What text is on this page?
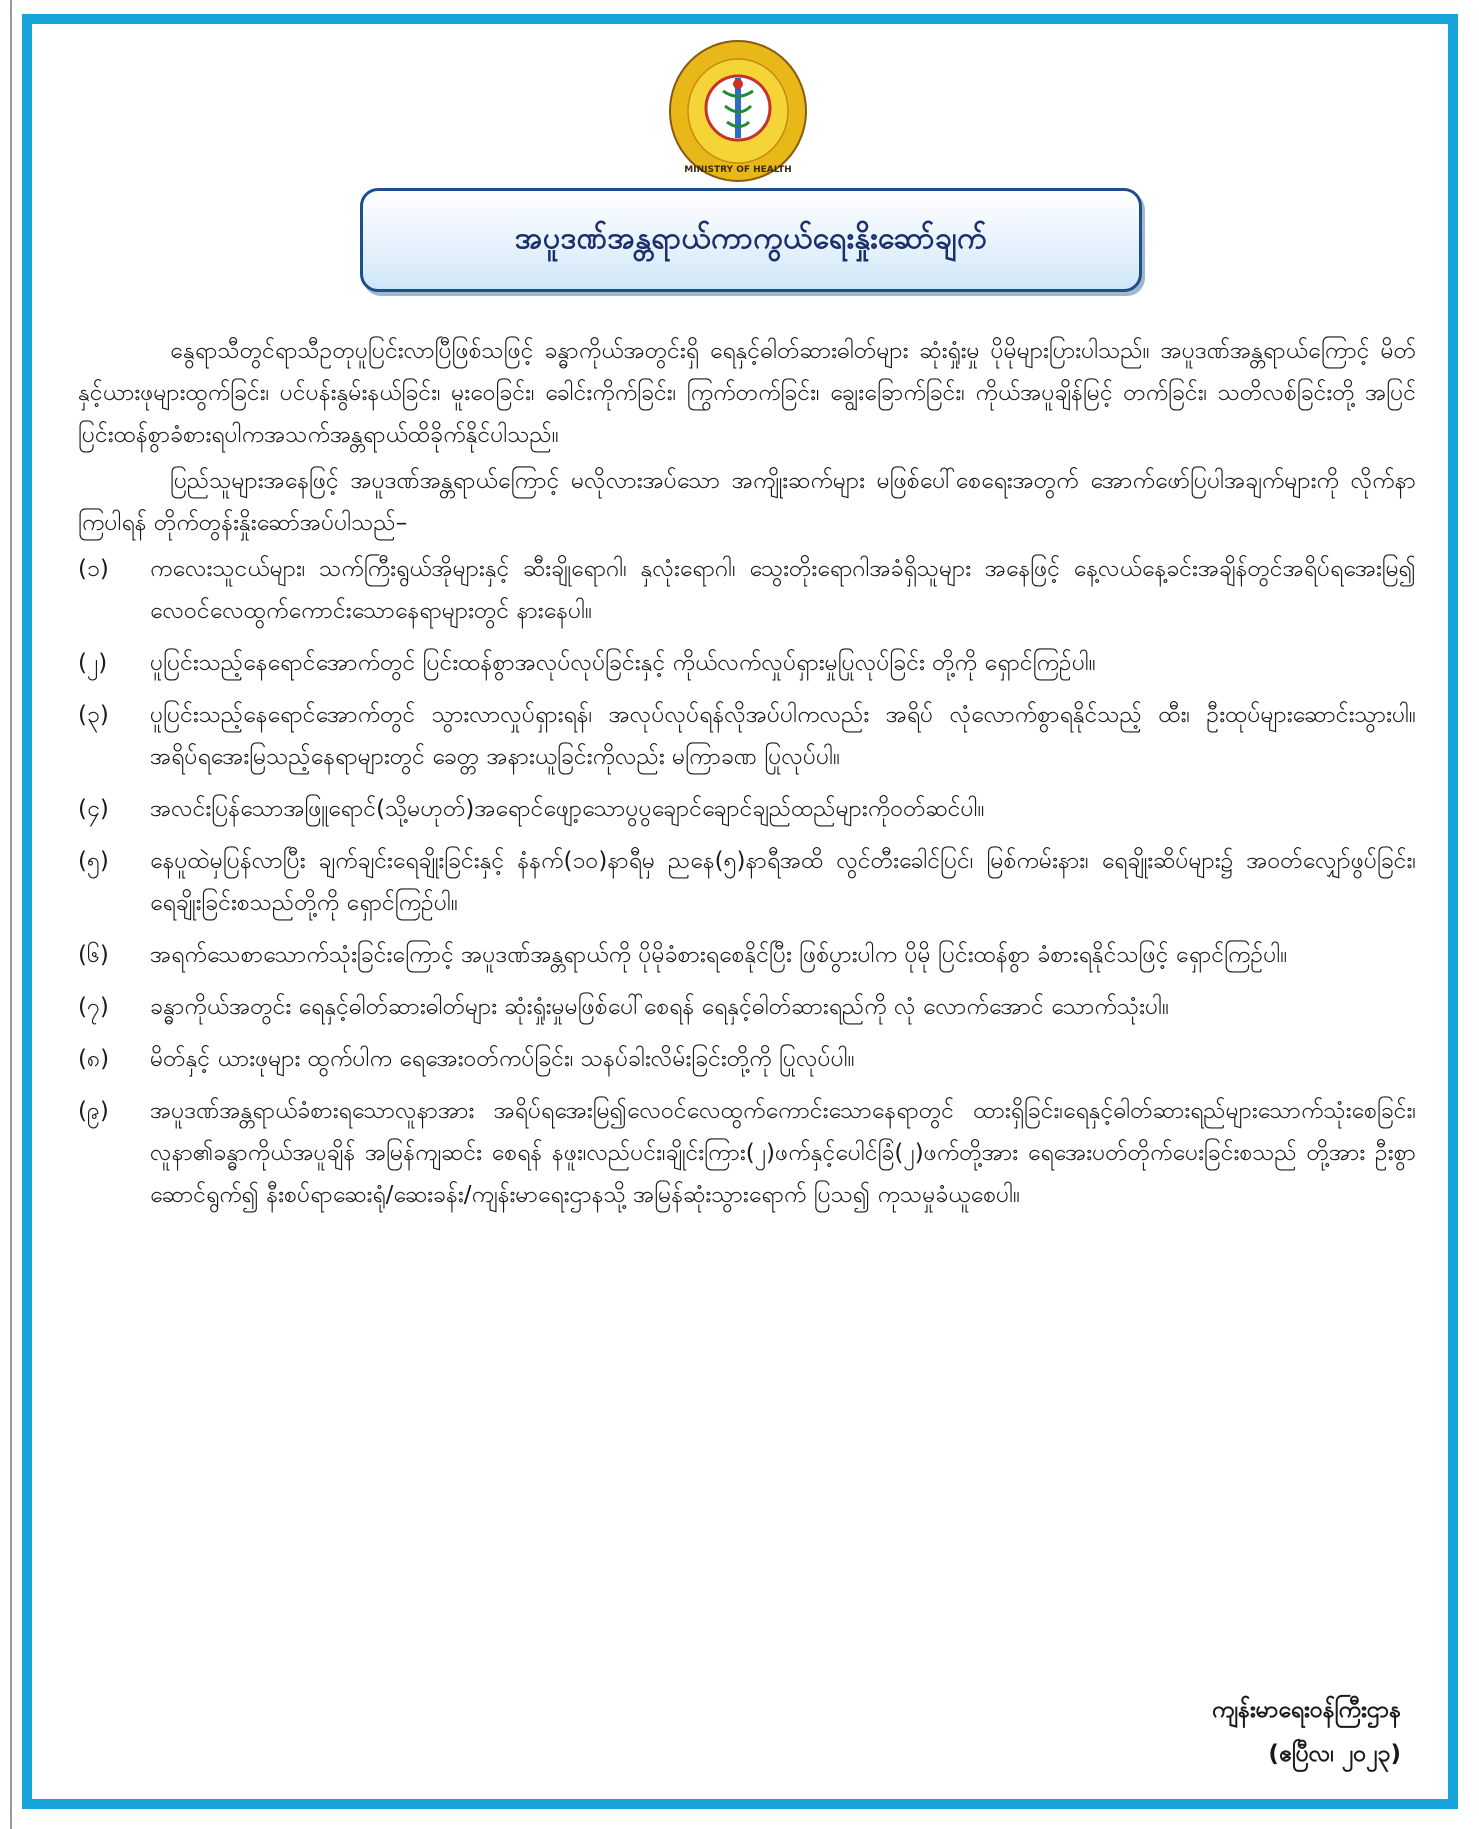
MINISTRY OF HEALTH
အပူဒဏ်အန္တရာယ်ကာကွယ်ရေးနှိုးဆော်ချက်

နွေရာသီတွင်ရာသီဥတုပူပြင်းလာပြီဖြစ်သဖြင့် ခန္ဓာကိုယ်အတွင်းရှိ ရေနှင့်ဓါတ်ဆားဓါတ်များ ဆုံးရှုံးမှု ပိုမိုများပြားပါသည်။ အပူဒဏ်အန္တရာယ်ကြောင့် မိတ်နှင့်ယားဖုများထွက်ခြင်း၊ ပင်ပန်းနွမ်းနယ်ခြင်း၊ မူးဝေခြင်း၊ ခေါင်းကိုက်ခြင်း၊ ကြွက်တက်ခြင်း၊ ချွေးခြောက်ခြင်း၊ ကိုယ်အပူချိန်မြင့် တက်ခြင်း၊ သတိလစ်ခြင်းတို့ အပြင် ပြင်းထန်စွာခံစားရပါကအသက်အန္တရာယ်ထိခိုက်နိုင်ပါသည်။

ပြည်သူများအနေဖြင့် အပူဒဏ်အန္တရာယ်ကြောင့် မလိုလားအပ်သော အကျိုးဆက်များ မဖြစ်ပေါ်စေရေးအတွက် အောက်ဖော်ပြပါအချက်များကို လိုက်နာကြပါရန် တိုက်တွန်းနှိုးဆော်အပ်ပါသည်–

(၁)	ကလေးသူငယ်များ၊ သက်ကြီးရွယ်အိုများနှင့် ဆီးချိုရောဂါ၊ နှလုံးရောဂါ၊ သွေးတိုးရောဂါအခံရှိသူများ အနေဖြင့် နေ့လယ်နေ့ခင်းအချိန်တွင်အရိပ်ရအေးမြ၍ လေဝင်လေထွက်ကောင်းသောနေရာများတွင် နားနေပါ။
(၂)	ပူပြင်းသည့်နေရောင်အောက်တွင် ပြင်းထန်စွာအလုပ်လုပ်ခြင်းနှင့် ကိုယ်လက်လှုပ်ရှားမှုပြုလုပ်ခြင်း တို့ကို ရှောင်ကြဉ်ပါ။
(၃)	ပူပြင်းသည့်နေရောင်အောက်တွင် သွားလာလှုပ်ရှားရန်၊ အလုပ်လုပ်ရန်လိုအပ်ပါကလည်း အရိပ် လုံလောက်စွာရနိုင်သည့် ထီး၊ ဦးထုပ်များဆောင်းသွားပါ။ အရိပ်ရအေးမြသည့်နေရာများတွင် ခေတ္တ အနားယူခြင်းကိုလည်း မကြာခဏ ပြုလုပ်ပါ။
(၄)	အလင်းပြန်သောအဖြူရောင်(သို့မဟုတ်)အရောင်ဖျော့သောပွပွချောင်ချောင်ချည်ထည်များကိုဝတ်ဆင်ပါ။
(၅)	နေပူထဲမှပြန်လာပြီး ချက်ချင်းရေချိုးခြင်းနှင့် နံနက်(၁၀)နာရီမှ ညနေ(၅)နာရီအထိ လွင်တီးခေါင်ပြင်၊ မြစ်ကမ်းနား၊ ရေချိုးဆိပ်များ၌ အဝတ်လျှော်ဖွပ်ခြင်း၊ ရေချိုးခြင်းစသည်တို့ကို ရှောင်ကြဉ်ပါ။
(၆)	အရက်သေစာသောက်သုံးခြင်းကြောင့် အပူဒဏ်အန္တရာယ်ကို ပိုမိုခံစားရစေနိုင်ပြီး ဖြစ်ပွားပါက ပိုမို ပြင်းထန်စွာ ခံစားရနိုင်သဖြင့် ရှောင်ကြဉ်ပါ။
(၇)	ခန္ဓာကိုယ်အတွင်း ရေနှင့်ဓါတ်ဆားဓါတ်များ ဆုံးရှုံးမှုမဖြစ်ပေါ်စေရန် ရေနှင့်ဓါတ်ဆားရည်ကို လုံ လောက်အောင် သောက်သုံးပါ။
(၈)	မိတ်နှင့် ယားဖုများ ထွက်ပါက ရေအေးဝတ်ကပ်ခြင်း၊ သနပ်ခါးလိမ်းခြင်းတို့ကို ပြုလုပ်ပါ။
(၉)	အပူဒဏ်အန္တရာယ်ခံစားရသောလူနာအား အရိပ်ရအေးမြ၍လေဝင်လေထွက်ကောင်းသောနေရာတွင် ထားရှိခြင်း၊ရေနှင့်ဓါတ်ဆားရည်များသောက်သုံးစေခြင်း၊ လူနာ၏ခန္ဓာကိုယ်အပူချိန် အမြန်ကျဆင်း စေရန် နဖူး၊လည်ပင်း၊ချိုင်းကြား(၂)ဖက်နှင့်ပေါင်ခြံ(၂)ဖက်တို့အား ရေအေးပတ်တိုက်ပေးခြင်းစသည် တို့အား ဦးစွာဆောင်ရွက်၍ နီးစပ်ရာဆေးရုံ/ဆေးခန်း/ကျန်းမာရေးဌာနသို့ အမြန်ဆုံးသွားရောက် ပြသ၍ ကုသမှုခံယူစေပါ။
ကျန်းမာရေးဝန်ကြီးဌာန
(ဧပြီလ၊ ၂၀၂၃)
